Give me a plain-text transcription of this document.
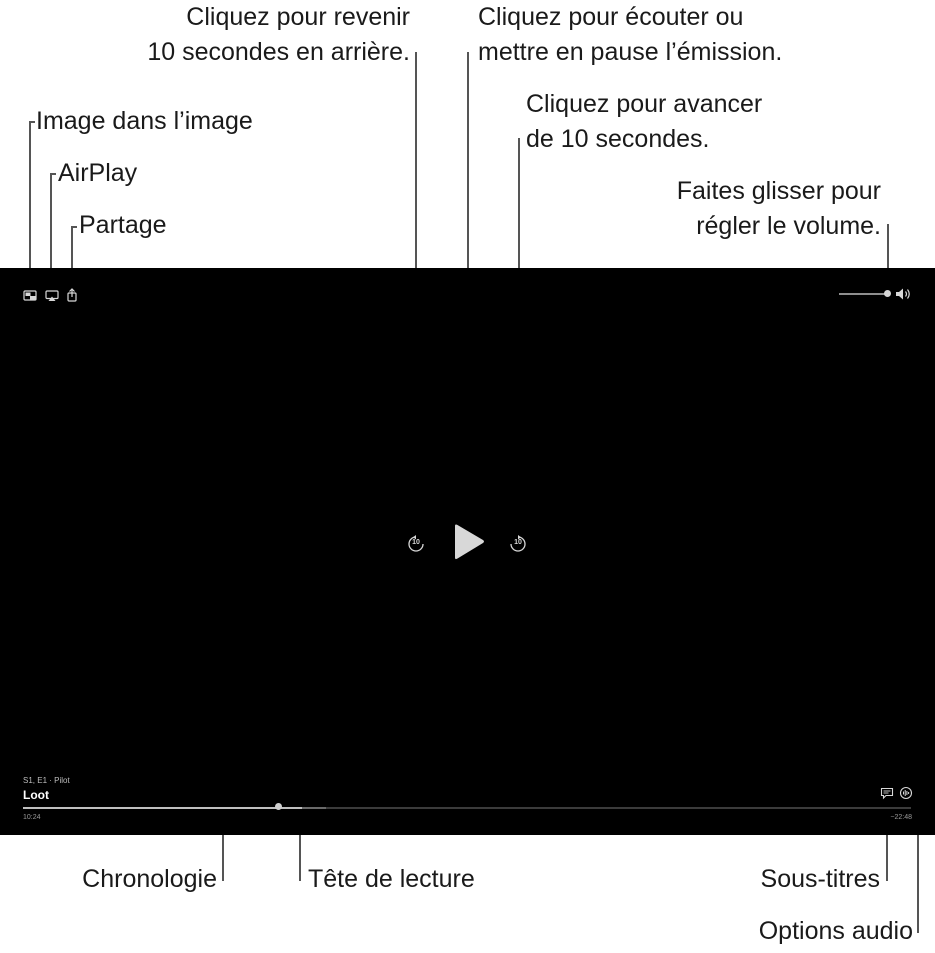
Image dans l’image
AirPlay
Partage
Cliquez pour revenir
10 secondes en arrière.
Cliquez pour écouter ou
mettre en pause l’émission.
Cliquez pour avancer
de 10 secondes.
Faites glisser pour
régler le volume.
Chronologie	Tête de lecture	Sous-titres
Options audio
10	10
S1, E1 · Pilot
Loot
10:24	−22:48
